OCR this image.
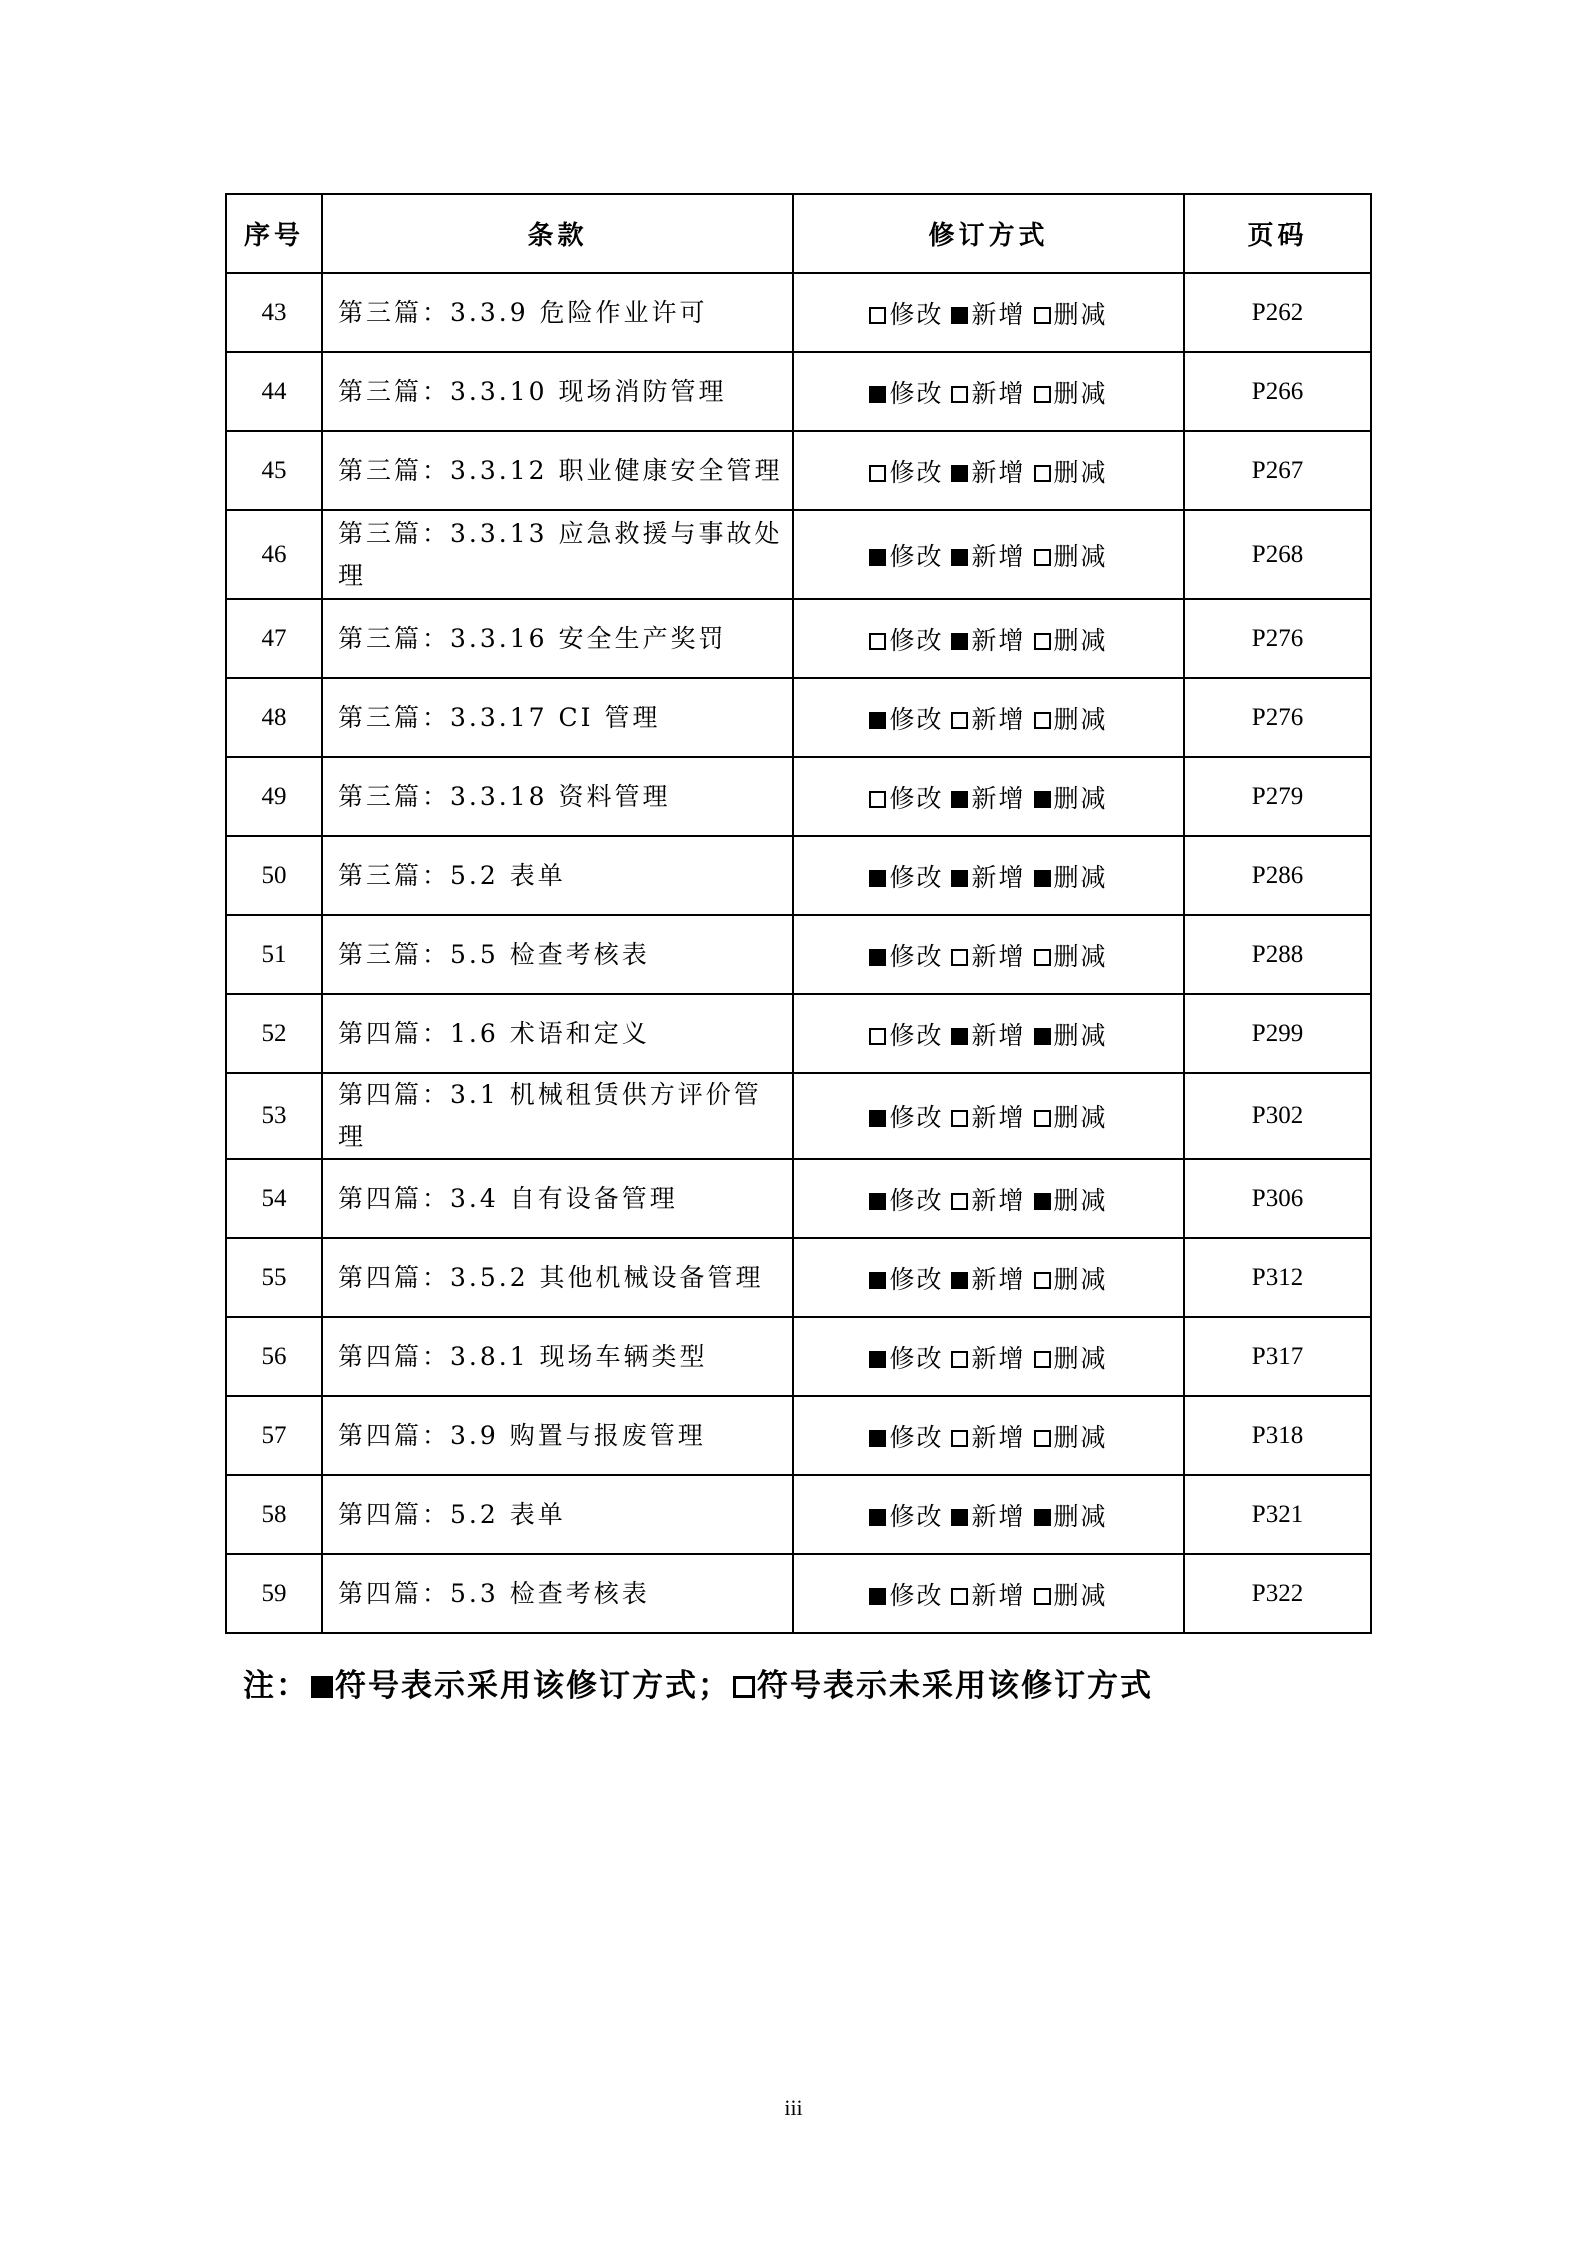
序号	条款	修订方式	页码
43	第三篇：3.3.9 危险作业许可	修改 新增 删减	P262
44	第三篇：3.3.10 现场消防管理	修改 新增 删减	P266
45	第三篇：3.3.12 职业健康安全管理	修改 新增 删减	P267
46	第三篇：3.3.13 应急救援与事故处理	修改 新增 删减	P268
47	第三篇：3.3.16 安全生产奖罚	修改 新增 删减	P276
48	第三篇：3.3.17 CI 管理	修改 新增 删减	P276
49	第三篇：3.3.18 资料管理	修改 新增 删减	P279
50	第三篇：5.2 表单	修改 新增 删减	P286
51	第三篇：5.5 检查考核表	修改 新增 删减	P288
52	第四篇：1.6 术语和定义	修改 新增 删减	P299
53	第四篇：3.1 机械租赁供方评价管理	修改 新增 删减	P302
54	第四篇：3.4 自有设备管理	修改 新增 删减	P306
55	第四篇：3.5.2 其他机械设备管理	修改 新增 删减	P312
56	第四篇：3.8.1 现场车辆类型	修改 新增 删减	P317
57	第四篇：3.9 购置与报废管理	修改 新增 删减	P318
58	第四篇：5.2 表单	修改 新增 删减	P321
59	第四篇：5.3 检查考核表	修改 新增 删减	P322
注： 符号表示采用该修订方式； 符号表示未采用该修订方式
iii
